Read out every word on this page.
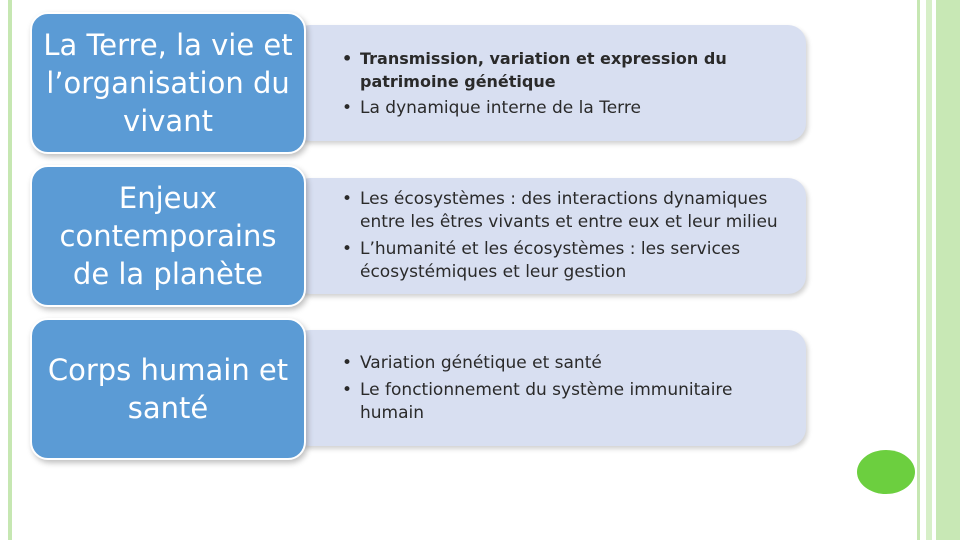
• Transmission, variation et expression du patrimoine génétique
• La dynamique interne de la Terre
La Terre, la vie et l’organisation du vivant
• Les écosystèmes : des interactions dynamiques entre les êtres vivants et entre eux et leur milieu
• L’humanité et les écosystèmes : les services écosystémiques et leur gestion
Enjeux contemporains de la planète
• Variation génétique et santé
• Le fonctionnement du système immunitaire humain
Corps humain et santé
